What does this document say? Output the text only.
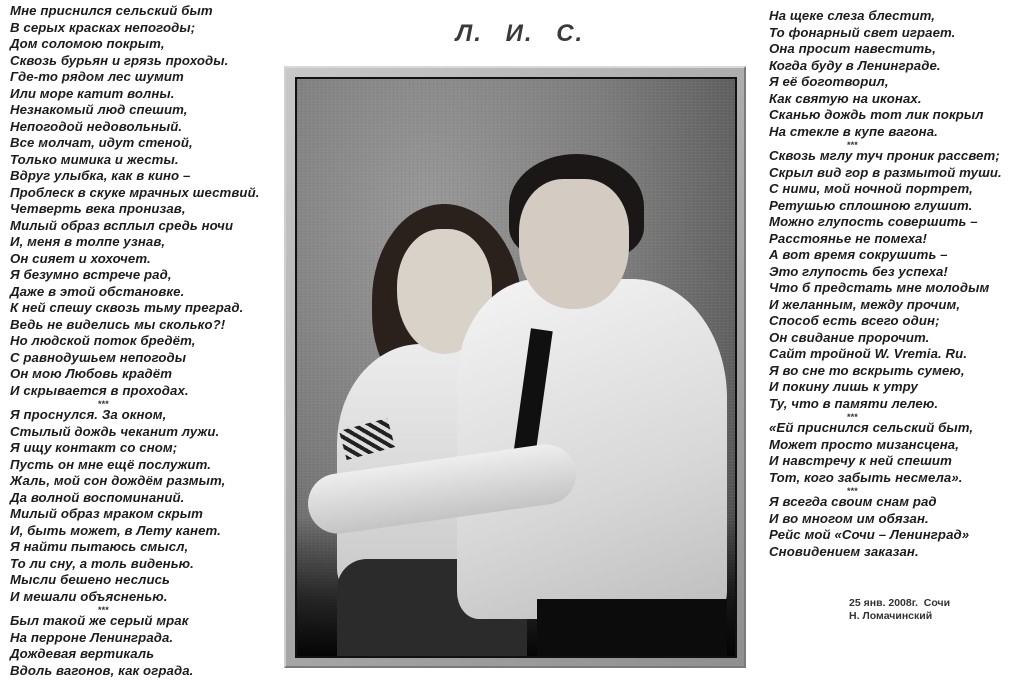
Л. И. С.
Мне приснился сельский быт
В серых красках непогоды;
Дом соломою покрыт,
Сквозь бурьян и грязь проходы.
Где-то рядом лес шумит
Или море катит волны.
Незнакомый люд спешит,
Непогодой недовольный.
Все молчат, идут стеной,
Только мимика и жесты.
Вдруг улыбка, как в кино –
Проблеск в скуке мрачных шествий.
Четверть века пронизав,
Милый образ всплыл средь ночи
И, меня в толпе узнав,
Он сияет и хохочет.
Я безумно встрече рад,
Даже в этой обстановке.
К ней спешу сквозь тьму преград.
Ведь не виделись мы сколько?!
Но людской поток бредёт,
С равнодушьем непогоды
Он мою Любовь крадёт
И скрывается в проходах.
***
Я проснулся. За окном,
Стылый дождь чеканит лужи.
Я ищу контакт со сном;
Пусть он мне ещё послужит.
Жаль, мой сон дождём размыт,
Да волной воспоминаний.
Милый образ мраком скрыт
И, быть может, в Лету канет.
Я найти пытаюсь смысл,
То ли сну, а толь виденью.
Мысли бешено неслись
И мешали объясненью.
***
Был такой же серый мрак
На перроне Ленинграда.
Дождевая вертикаль
Вдоль вагонов, как ограда.
На щеке слеза блестит,
То фонарный свет играет.
Она просит навестить,
Когда буду в Ленинграде.
Я её боготворил,
Как святую на иконах.
Сканью дождь тот лик покрыл
На стекле в купе вагона.
***
Сквозь мглу туч проник рассвет;
Скрыл вид гор в размытой туши.
С ними, мой ночной портрет,
Ретушью сплошною глушит.
Можно глупость совершить –
Расстоянье не помеха!
А вот время сокрушить –
Это глупость без успеха!
Что б предстать мне молодым
И желанным, между прочим,
Способ есть всего один;
Он свидание пророчит.
Сайт тройной W. Vremia. Ru.
Я во сне то вскрыть сумею,
И покину лишь к утру
Ту, что в памяти лелею.
***
«Ей приснился сельский быт,
Может просто мизансцена,
И навстречу к ней спешит
Тот, кого забыть несмела».
***
Я всегда своим снам рад
И во многом им обязан.
Рейс мой «Сочи – Ленинград»
Сновидением заказан.
25 янв. 2008г.  Сочи
Н. Ломачинский
